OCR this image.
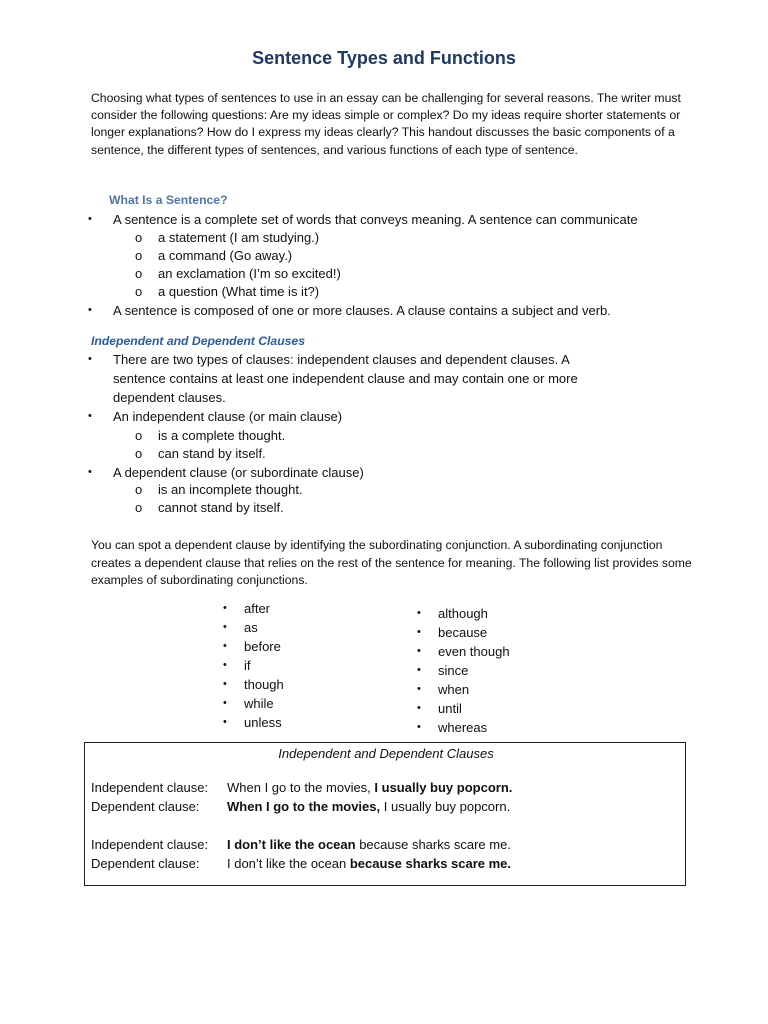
Sentence Types and Functions
Choosing what types of sentences to use in an essay can be challenging for several reasons. The writer must consider the following questions: Are my ideas simple or complex? Do my ideas require shorter statements or longer explanations? How do I express my ideas clearly? This handout discusses the basic components of a sentence, the different types of sentences, and various functions of each type of sentence.
What Is a Sentence?
• A sentence is a complete set of words that conveys meaning. A sentence can communicate
o a statement (I am studying.)
o a command (Go away.)
o an exclamation (I’m so excited!)
o a question (What time is it?)
• A sentence is composed of one or more clauses. A clause contains a subject and verb.
Independent and Dependent Clauses
• There are two types of clauses: independent clauses and dependent clauses. A sentence contains at least one independent clause and may contain one or more dependent clauses.
• An independent clause (or main clause)
o is a complete thought.
o can stand by itself.
• A dependent clause (or subordinate clause)
o is an incomplete thought.
o cannot stand by itself.
You can spot a dependent clause by identifying the subordinating conjunction. A subordinating conjunction creates a dependent clause that relies on the rest of the sentence for meaning. The following list provides some examples of subordinating conjunctions.
• after
• as
• before
• if
• though
• while
• unless
• although
• because
• even though
• since
• when
• until
• whereas
Independent and Dependent Clauses
Independent clause: When I go to the movies, I usually buy popcorn.
Dependent clause: When I go to the movies, I usually buy popcorn.
Independent clause: I don’t like the ocean because sharks scare me.
Dependent clause: I don’t like the ocean because sharks scare me.
